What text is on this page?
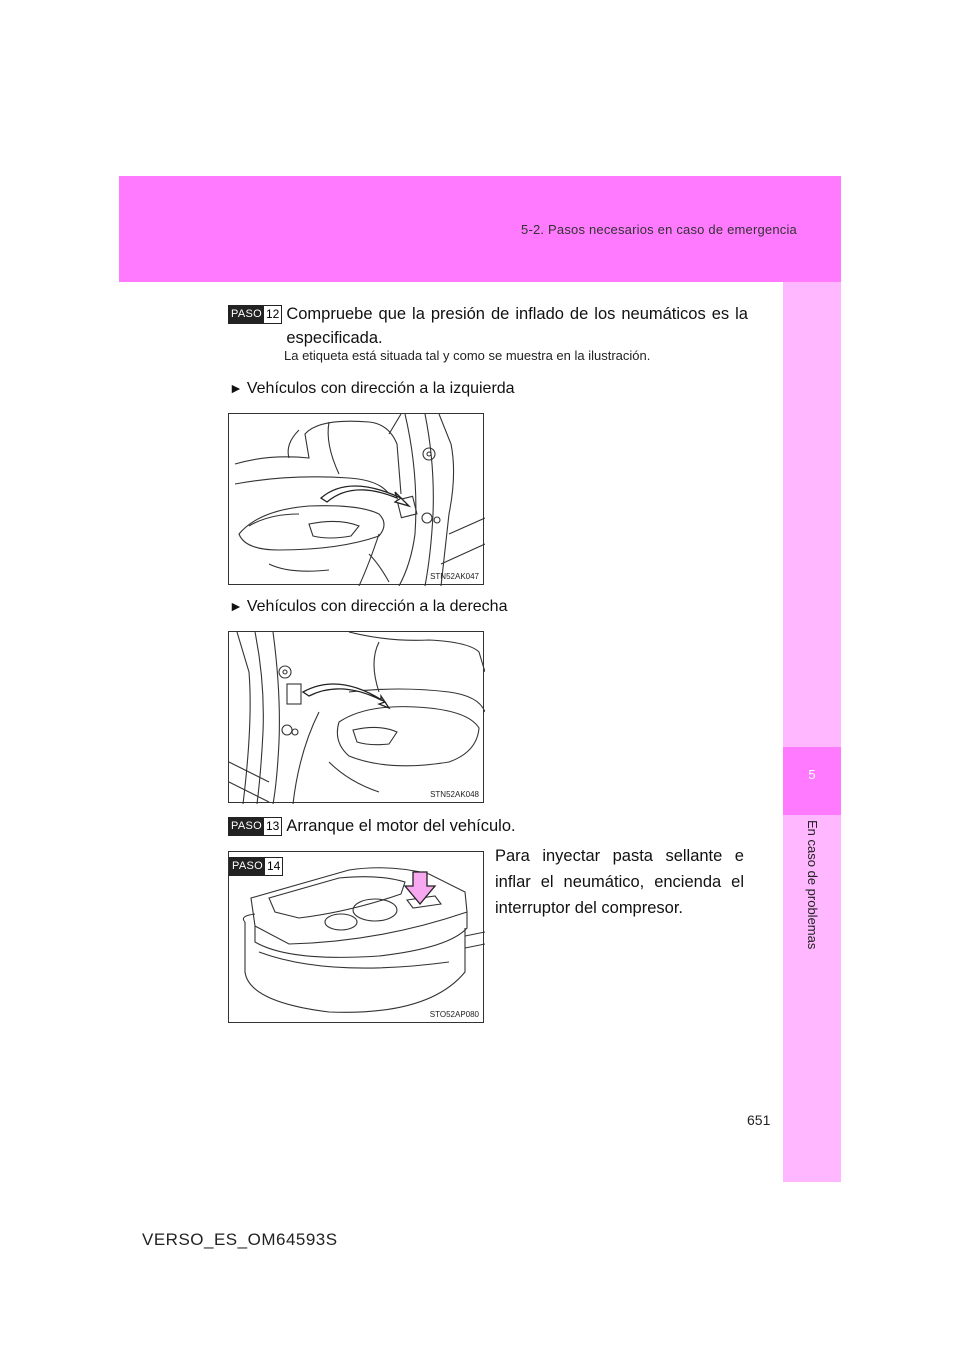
5-2. Pasos necesarios en caso de emergencia
5
En caso de problemas
PASO 12 Compruebe que la presión de inflado de los neumáticos es la especificada.
La etiqueta está situada tal y como se muestra en la ilustración.
► Vehículos con dirección a la izquierda
STN52AK047
► Vehículos con dirección a la derecha
STN52AK048
PASO 13 Arranque el motor del vehículo.
PASO 14
STO52AP080
Para inyectar pasta sellante e inflar el neumático, encienda el interruptor del compresor.
651
VERSO_ES_OM64593S
